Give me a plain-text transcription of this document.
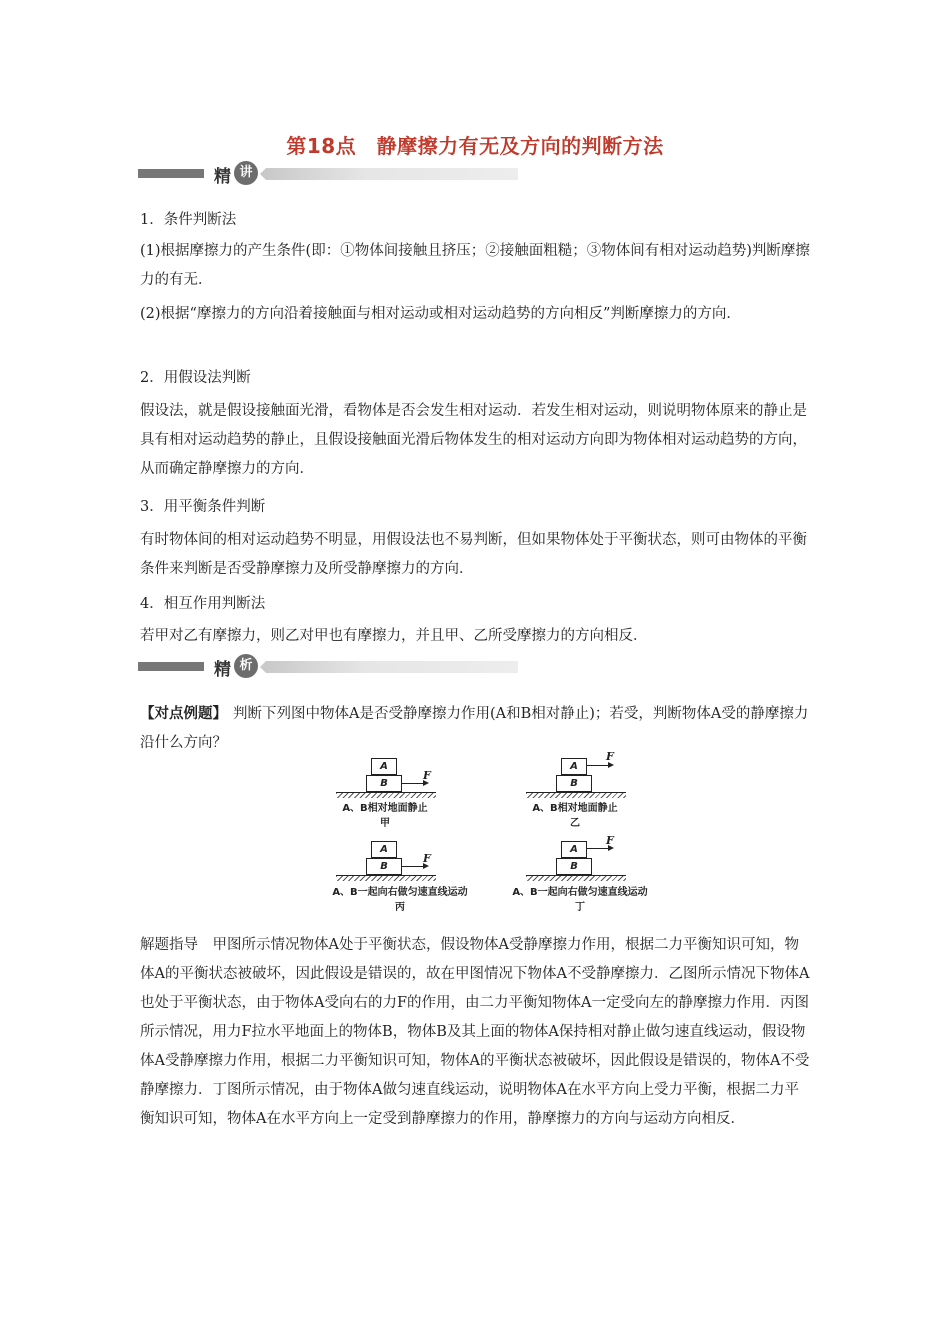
第18点　静摩擦力有无及方向的判断方法
精 讲
1．条件判断法
(1)根据摩擦力的产生条件(即：①物体间接触且挤压；②接触面粗糙；③物体间有相对运动趋势)判断摩擦力的有无．
(2)根据“摩擦力的方向沿着接触面与相对运动或相对运动趋势的方向相反”判断摩擦力的方向．
2．用假设法判断
假设法，就是假设接触面光滑，看物体是否会发生相对运动．若发生相对运动，则说明物体原来的静止是具有相对运动趋势的静止，且假设接触面光滑后物体发生的相对运动方向即为物体相对运动趋势的方向，从而确定静摩擦力的方向．
3．用平衡条件判断
有时物体间的相对运动趋势不明显，用假设法也不易判断，但如果物体处于平衡状态，则可由物体的平衡条件来判断是否受静摩擦力及所受静摩擦力的方向．
4．相互作用判断法
若甲对乙有摩擦力，则乙对甲也有摩擦力，并且甲、乙所受摩擦力的方向相反．
精 析
【对点例题】 判断下列图中物体A是否受静摩擦力作用(A和B相对静止)；若受，判断物体A受的静摩擦力沿什么方向？
A
B
F
A、B相对地面静止
甲
A
B
F
A、B相对地面静止
乙
A
B
F
A、B一起向右做匀速直线运动
丙
A
B
F
A、B一起向右做匀速直线运动
丁
解题指导　甲图所示情况物体A处于平衡状态，假设物体A受静摩擦力作用，根据二力平衡知识可知，物体A的平衡状态被破坏，因此假设是错误的，故在甲图情况下物体A不受静摩擦力．乙图所示情况下物体A也处于平衡状态，由于物体A受向右的力F的作用，由二力平衡知物体A一定受向左的静摩擦力作用．丙图所示情况，用力F拉水平地面上的物体B，物体B及其上面的物体A保持相对静止做匀速直线运动，假设物体A受静摩擦力作用，根据二力平衡知识可知，物体A的平衡状态被破坏，因此假设是错误的，物体A不受静摩擦力．丁图所示情况，由于物体A做匀速直线运动，说明物体A在水平方向上受力平衡，根据二力平衡知识可知，物体A在水平方向上一定受到静摩擦力的作用，静摩擦力的方向与运动方向相反．
